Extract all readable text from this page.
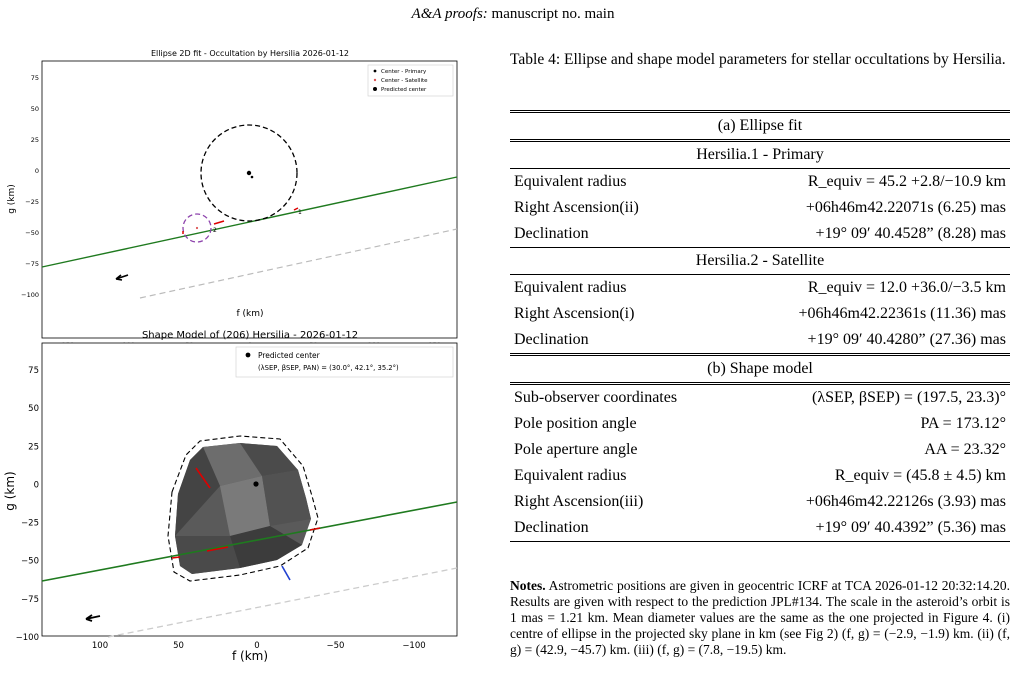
A&A proofs: manuscript no. main
Ellipse 2D fit - Occultation by Hersilia 2026-01-12
75
50
25
0
−25
−50
−75
−100
f (km)
g (km)	1
2
Center - Primary
Center - Satellite
Predicted center
Shape Model of (206) Hersilia - 2026-01-12
100	50	0	−50	−100
75
50
25
0
−25
−50
−75
−100
f (km)
g (km)
Predicted center
(λSEP, βSEP, PAN) = (30.0°, 42.1°, 35.2°)
Table 4: Ellipse and shape model parameters for stellar occultations by Hersilia.
(a) Ellipse fit	
Hersilia.1 - Primary	
Equivalent radius	R_equiv = 45.2 +2.8/−10.9 km
Right Ascension(ii)	+06h46m42.22071s (6.25) mas
Declination	+19° 09′ 40.4528” (8.28) mas
Hersilia.2 - Satellite	
Equivalent radius	R_equiv = 12.0 +36.0/−3.5 km
Right Ascension(i)	+06h46m42.22361s (11.36) mas
Declination	+19° 09′ 40.4280” (27.36) mas
(b) Shape model	
Sub-observer coordinates	(λSEP, βSEP) = (197.5, 23.3)°
Pole position angle	PA = 173.12°
Pole aperture angle	AA = 23.32°
Equivalent radius	R_equiv = (45.8 ± 4.5) km
Right Ascension(iii)	+06h46m42.22126s (3.93) mas
Declination	+19° 09′ 40.4392” (5.36) mas
Notes. Astrometric positions are given in geocentric ICRF at TCA 2026-01-12 20:32:14.20. Results are given with respect to the prediction JPL#134. The scale in the asteroid’s orbit is 1 mas = 1.21 km. Mean diameter values are the same as the one projected in Figure 4. (i) centre of ellipse in the projected sky plane in km (see Fig 2) (f, g) = (−2.9, −1.9) km. (ii) (f, g) = (42.9, −45.7) km. (iii) (f, g) = (7.8, −19.5) km.
